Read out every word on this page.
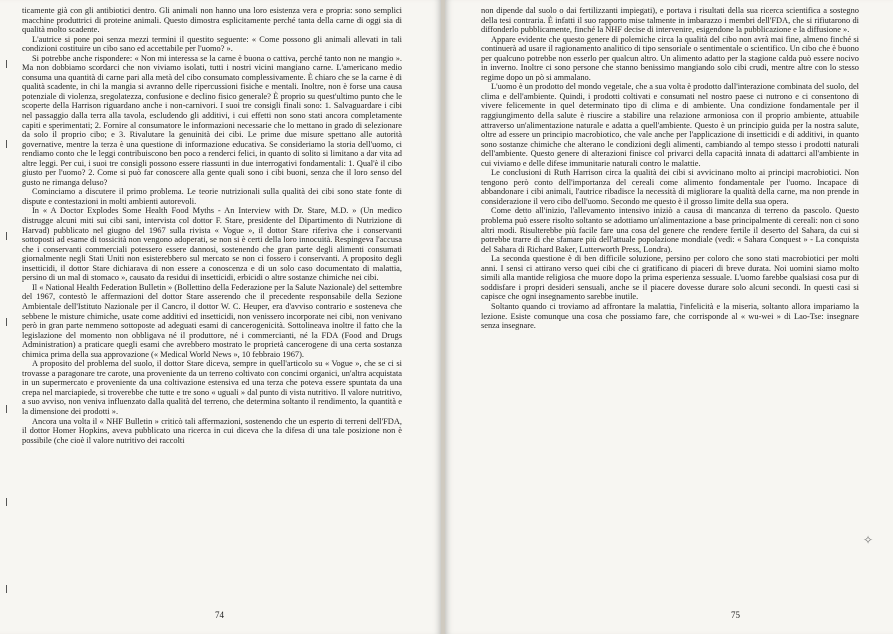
ticamente già con gli antibiotici dentro. Gli animali non hanno una loro esistenza vera e propria: sono semplici macchine produttrici di proteine animali. Questo dimostra esplicitamente perché tanta della carne di oggi sia di qualità molto scadente.

L'autrice si pone poi senza mezzi termini il questito seguente: « Come possono gli animali allevati in tali condizioni costituire un cibo sano ed accettabile per l'uomo? ».

Si potrebbe anche rispondere: « Non mi interessa se la carne è buona o cattiva, perché tanto non ne mangio ». Ma non dobbiamo scordarci che non viviamo isolati, tutti i nostri vicini mangiano carne. L'americano medio consuma una quantità di carne pari alla metà del cibo consumato complessivamente. È chiaro che se la carne è di qualità scadente, in chi la mangia si avranno delle ripercussioni fisiche e mentali. Inoltre, non è forse una causa potenziale di violenza, sregolatezza, confusione e declino fisico generale? È proprio su quest'ultimo punto che le scoperte della Harrison riguardano anche i non-carnivori. I suoi tre consigli finali sono: 1. Salvaguardare i cibi nel passaggio dalla terra alla tavola, escludendo gli additivi, i cui effetti non sono stati ancora completamente capiti e sperimentati; 2. Fornire al consumatore le informazioni necessarie che lo mettano in grado di selezionare da solo il proprio cibo; e 3. Rivalutare la genuinità dei cibi. Le prime due misure spettano alle autorità governative, mentre la terza è una questione di informazione educativa. Se consideriamo la storia dell'uomo, ci rendiamo conto che le leggi contribuiscono ben poco a renderci felici, in quanto di solito si limitano a dar vita ad altre leggi. Per cui, i suoi tre consigli possono essere riassunti in due interrogativi fondamentali: 1. Qual'è il cibo giusto per l'uomo? 2. Come si può far conoscere alla gente quali sono i cibi buoni, senza che il loro senso del gusto ne rimanga deluso?

Cominciamo a discutere il primo problema. Le teorie nutrizionali sulla qualità dei cibi sono state fonte di dispute e contestazioni in molti ambienti autorevoli.

In « A Doctor Explodes Some Health Food Myths - An Interview with Dr. Stare, M.D. » (Un medico distrugge alcuni miti sui cibi sani, intervista col dottor F. Stare, presidente del Dipartimento di Nutrizione di Harvad) pubblicato nel giugno del 1967 sulla rivista « Vogue », il dottor Stare riferiva che i conservanti sottoposti ad esame di tossicità non vengono adoperati, se non si è certi della loro innocuità. Respingeva l'accusa che i conservanti commerciali potessero essere dannosi, sostenendo che gran parte degli alimenti consumati giornalmente negli Stati Uniti non esisterebbero sul mercato se non ci fossero i conservanti. A proposito degli insetticidi, il dottor Stare dichiarava di non essere a conoscenza e di un solo caso documentato di malattia, persino di un mal di stomaco », causato da residui di insetticidi, erbicidi o altre sostanze chimiche nei cibi.

Il « National Health Federation Bulletin » (Bollettino della Federazione per la Salute Nazionale) del settembre del 1967, contestò le affermazioni del dottor Stare asserendo che il precedente responsabile della Sezione Ambientale dell'Istituto Nazionale per il Cancro, il dottor W. C. Heuper, era d'avviso contrario e sosteneva che sebbene le misture chimiche, usate come additivi ed insetticidi, non venissero incorporate nei cibi, non venivano però in gran parte nemmeno sottoposte ad adeguati esami di cancerogenicità. Sottolineava inoltre il fatto che la legislazione del momento non obbligava né il produttore, né i commercianti, né la FDA (Food and Drugs Administration) a praticare quegli esami che avrebbero mostrato le proprietà cancerogene di una certa sostanza chimica prima della sua approvazione (« Medical World News », 10 febbraio 1967).

A proposito del problema del suolo, il dottor Stare diceva, sempre in quell'articolo su « Vogue », che se ci si trovasse a paragonare tre carote, una proveniente da un terreno coltivato con concimi organici, un'altra acquistata in un supermercato e proveniente da una coltivazione estensiva ed una terza che poteva essere spuntata da una crepa nel marciapiede, si troverebbe che tutte e tre sono « uguali » dal punto di vista nutritivo. Il valore nutritivo, a suo avviso, non veniva influenzato dalla qualità del terreno, che determina soltanto il rendimento, la quantità e la dimensione dei prodotti ».

Ancora una volta il « NHF Bulletin » criticò tali affermazioni, sostenendo che un esperto di terreni dell'FDA, il dottor Homer Hopkins, aveva pubblicato una ricerca in cui diceva che la difesa di una tale posizione non è possibile (che cioè il valore nutritivo dei raccolti

74

non dipende dal suolo o dai fertilizzanti impiegati), e portava i risultati della sua ricerca scientifica a sostegno della tesi contraria. È infatti il suo rapporto mise talmente in imbarazzo i membri dell'FDA, che si rifiutarono di diffonderlo pubblicamente, finché la NHF decise di intervenire, esigendone la pubblicazione e la diffusione ».

Appare evidente che questo genere di polemiche circa la qualità del cibo non avrà mai fine, almeno finché si continuerà ad usare il ragionamento analitico di tipo sensoriale o sentimentale o scientifico. Un cibo che è buono per qualcuno potrebbe non esserlo per qualcun altro. Un alimento adatto per la stagione calda può essere nocivo in inverno. Inoltre ci sono persone che stanno benissimo mangiando solo cibi crudi, mentre altre con lo stesso regime dopo un pò si ammalano.

L'uomo è un prodotto del mondo vegetale, che a sua volta è prodotto dall'interazione combinata del suolo, del clima e dell'ambiente. Quindi, i prodotti coltivati e consumati nel nostro paese ci nutrono e ci consentono di vivere felicemente in quel determinato tipo di clima e di ambiente. Una condizione fondamentale per il raggiungimento della salute è riuscire a stabilire una relazione armoniosa con il proprio ambiente, attuabile attraverso un'alimentazione naturale e adatta a quell'ambiente. Questo è un principio guida per la nostra salute, oltre ad essere un principio macrobiotico, che vale anche per l'applicazione di insetticidi e di additivi, in quanto sono sostanze chimiche che alterano le condizioni degli alimenti, cambiando al tempo stesso i prodotti naturali dell'ambiente. Questo genere di alterazioni finisce col privarci della capacità innata di adattarci all'ambiente in cui viviamo e delle difese immunitarie naturali contro le malattie.

Le conclusioni di Ruth Harrison circa la qualità dei cibi si avvicinano molto ai principi macrobiotici. Non tengono però conto dell'importanza del cereali come alimento fondamentale per l'uomo. Incapace di abbandonare i cibi animali, l'autrice ribadisce la necessità di migliorare la qualità della carne, ma non prende in considerazione il vero cibo dell'uomo. Secondo me questo è il grosso limite della sua opera.

Come detto all'inizio, l'allevamento intensivo iniziò a causa di mancanza di terreno da pascolo. Questo problema può essere risolto soltanto se adottiamo un'alimentazione a base principalmente di cereali: non ci sono altri modi. Risulterebbe più facile fare una cosa del genere che rendere fertile il deserto del Sahara, da cui si potrebbe trarre di che sfamare più dell'attuale popolazione mondiale (vedi: « Sahara Conquest » - La conquista del Sahara di Richard Baker, Lutterworth Press, Londra).

La seconda questione è di ben difficile soluzione, persino per coloro che sono stati macrobiotici per molti anni. I sensi ci attirano verso quei cibi che ci gratificano di piaceri di breve durata. Noi uomini siamo molto simili alla mantide religiosa che muore dopo la prima esperienza sessuale. L'uomo farebbe qualsiasi cosa pur di soddisfare i propri desideri sensuali, anche se il piacere dovesse durare solo alcuni secondi. In questi casi si capisce che ogni insegnamento sarebbe inutile.

Soltanto quando ci troviamo ad affrontare la malattia, l'infelicità e la miseria, soltanto allora impariamo la lezione. Esiste comunque una cosa che possiamo fare, che corrisponde al « wu-wei » di Lao-Tse: insegnare senza insegnare.

✧
75
